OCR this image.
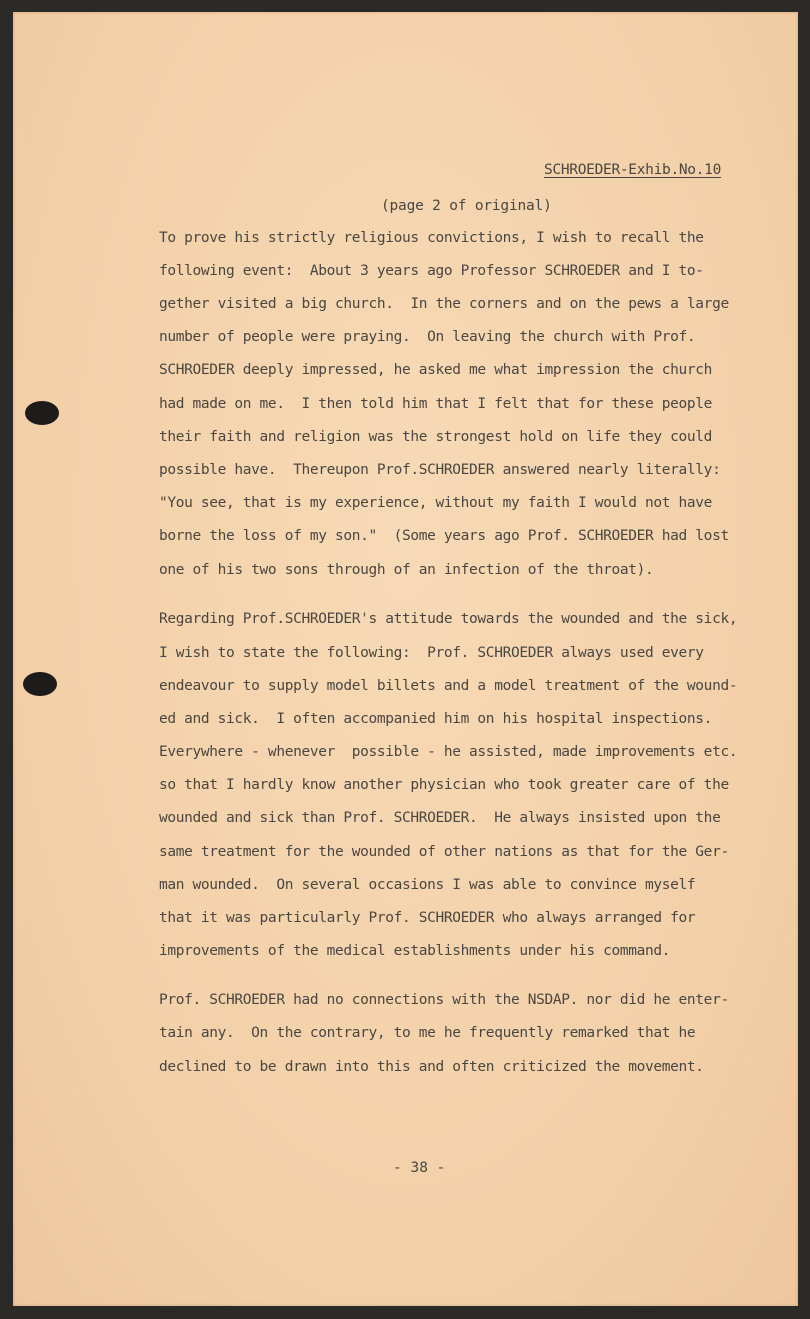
SCHROEDER-Exhib.No.10
(page 2 of original)
To prove his strictly religious convictions, I wish to recall the
following event:  About 3 years ago Professor SCHROEDER and I to-
gether visited a big church.  In the corners and on the pews a large
number of people were praying.  On leaving the church with Prof.
SCHROEDER deeply impressed, he asked me what impression the church
had made on me.  I then told him that I felt that for these people
their faith and religion was the strongest hold on life they could
possible have.  Thereupon Prof.SCHROEDER answered nearly literally:
"You see, that is my experience, without my faith I would not have
borne the loss of my son."  (Some years ago Prof. SCHROEDER had lost
one of his two sons through of an infection of the throat).
Regarding Prof.SCHROEDER's attitude towards the wounded and the sick,
I wish to state the following:  Prof. SCHROEDER always used every
endeavour to supply model billets and a model treatment of the wound-
ed and sick.  I often accompanied him on his hospital inspections.
Everywhere - whenever  possible - he assisted, made improvements etc.
so that I hardly know another physician who took greater care of the
wounded and sick than Prof. SCHROEDER.  He always insisted upon the
same treatment for the wounded of other nations as that for the Ger-
man wounded.  On several occasions I was able to convince myself
that it was particularly Prof. SCHROEDER who always arranged for
improvements of the medical establishments under his command.
Prof. SCHROEDER had no connections with the NSDAP. nor did he enter-
tain any.  On the contrary, to me he frequently remarked that he
declined to be drawn into this and often criticized the movement.
- 38 -
